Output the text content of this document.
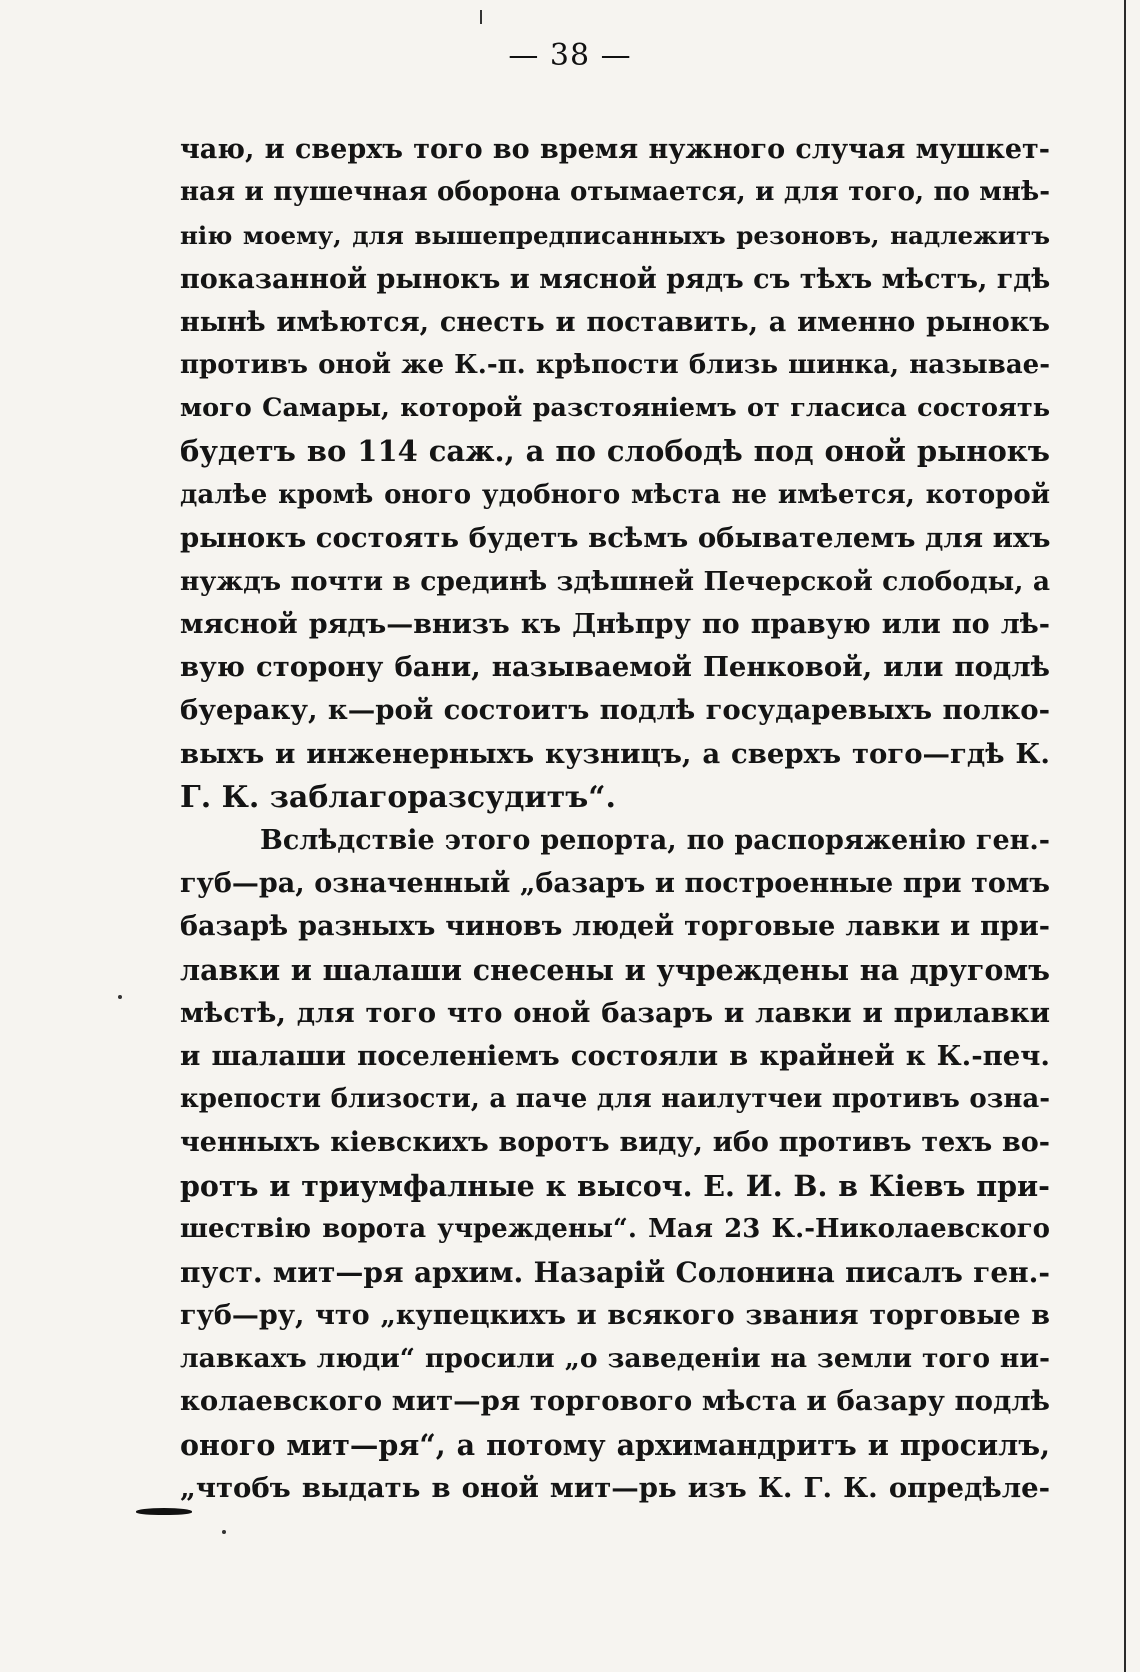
— 38 —
чаю, и сверхъ того во время нужного случая мушкет-
ная и пушечная оборона отымается, и для того, по мнѣ-
нію моему, для вышепредписанныхъ резоновъ, надлежитъ
показанной рынокъ и мясной рядъ съ тѣхъ мѣстъ, гдѣ
нынѣ имѣются, снесть и поставить, а именно рынокъ
противъ оной же К.-п. крѣпости близь шинка, называе-
мого Самары, которой разстояніемъ от гласиса состоять
будетъ во 114 саж., а по слободѣ под оной рынокъ
далѣе кромѣ оного удобного мѣста не имѣется, которой
рынокъ состоять будетъ всѣмъ обывателемъ для ихъ
нуждъ почти в срединѣ здѣшней Печерской слободы, а
мясной рядъ—внизъ къ Днѣпру по правую или по лѣ-
вую сторону бани, называемой Пенковой, или подлѣ
буераку, к—рой состоитъ подлѣ государевыхъ полко-
выхъ и инженерныхъ кузницъ, а сверхъ того—гдѣ К.
Г. К. заблагоразсудитъ“.
Вслѣдствіе этого репорта, по распоряженію ген.-
губ—ра, означенный „базаръ и построенные при томъ
базарѣ разныхъ чиновъ людей торговые лавки и при-
лавки и шалаши снесены и учреждены на другомъ
мѣстѣ, для того что оной базаръ и лавки и прилавки
и шалаши поселеніемъ состояли в крайней к К.-печ.
крепости близости, а паче для наилутчеи противъ озна-
ченныхъ кіевскихъ воротъ виду, ибо противъ техъ во-
ротъ и триумфалные к высоч. Е. И. В. в Кiевъ при-
шествію ворота учреждены“. Мая 23 К.-Николаевского
пуст. мит—ря архим. Назарій Солонина писалъ ген.-
губ—ру, что „купецкихъ и всякого звания торговые в
лавкахъ люди“ просили „о заведеніи на земли того ни-
колаевского мит—ря торгового мѣста и базару подлѣ
оного мит—ря“, а потому архимандритъ и просилъ,
„чтобъ выдать в оной мит—рь изъ К. Г. К. опредѣле-
